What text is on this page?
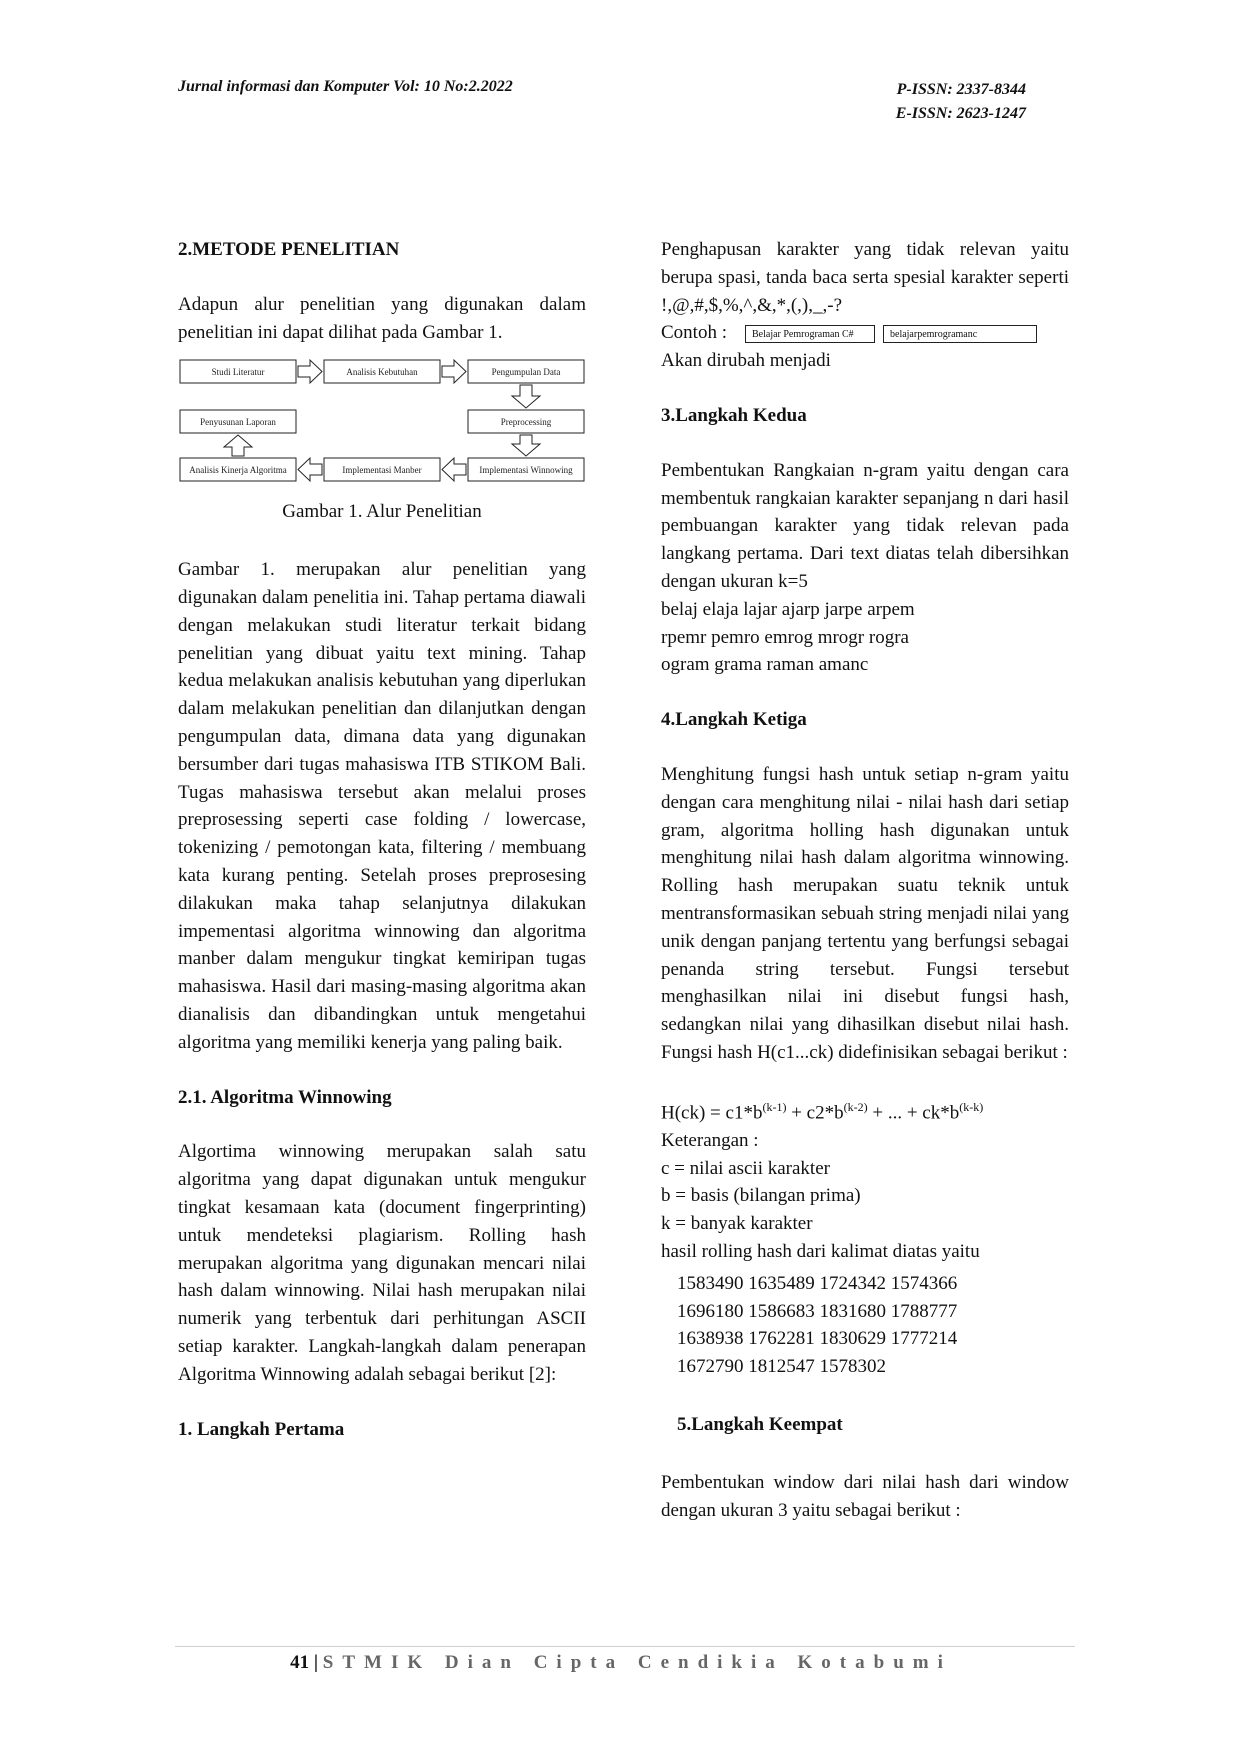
Jurnal informasi dan Komputer Vol: 10 No:2.2022	P-ISSN: 2337-8344
E-ISSN: 2623-1247

2.METODE PENELITIAN

Adapun alur penelitian yang digunakan dalam penelitian ini dapat dilihat pada Gambar 1.

Studi Literatur	Analisis Kebutuhan	Pengumpulan Data
Penyusunan Laporan	Preprocessing
Analisis Kinerja Algoritma	Implementasi Manber	Implementasi Winnowing

Gambar 1. Alur Penelitian

Gambar 1. merupakan alur penelitian yang digunakan dalam penelitia ini. Tahap pertama diawali dengan melakukan studi literatur terkait bidang penelitian yang dibuat yaitu text mining. Tahap kedua melakukan analisis kebutuhan yang diperlukan dalam melakukan penelitian dan dilanjutkan dengan pengumpulan data, dimana data yang digunakan bersumber dari tugas mahasiswa ITB STIKOM Bali. Tugas mahasiswa tersebut akan melalui proses preprosessing seperti case folding / lowercase, tokenizing / pemotongan kata, filtering / membuang kata kurang penting. Setelah proses preprosesing dilakukan maka tahap selanjutnya dilakukan impementasi algoritma winnowing dan algoritma manber dalam mengukur tingkat kemiripan tugas mahasiswa. Hasil dari masing-masing algoritma akan dianalisis dan dibandingkan untuk mengetahui algoritma yang memiliki kenerja yang paling baik.

2.1. Algoritma Winnowing

Algortima winnowing merupakan salah satu algoritma yang dapat digunakan untuk mengukur tingkat kesamaan kata (document fingerprinting) untuk mendeteksi plagiarism. Rolling hash merupakan algoritma yang digunakan mencari nilai hash dalam winnowing. Nilai hash merupakan nilai numerik yang terbentuk dari perhitungan ASCII setiap karakter. Langkah-langkah dalam penerapan Algoritma Winnowing adalah sebagai berikut [2]:

1. Langkah Pertama

Penghapusan karakter yang tidak relevan yaitu berupa spasi, tanda baca serta spesial karakter seperti !,@,#,$,%,^,&,*,(,),_,-?

Contoh :	Belajar Pemrograman C#	belajarpemrogramanc

Akan dirubah menjadi

3.Langkah Kedua

Pembentukan Rangkaian n-gram yaitu dengan cara membentuk rangkaian karakter sepanjang n dari hasil pembuangan karakter yang tidak relevan pada langkang pertama. Dari text diatas telah dibersihkan dengan ukuran k=5

belaj elaja lajar ajarp jarpe arpem

rpemr pemro emrog mrogr rogra

ogram grama raman amanc

4.Langkah Ketiga

Menghitung fungsi hash untuk setiap n-gram yaitu dengan cara menghitung nilai - nilai hash dari setiap gram, algoritma holling hash digunakan untuk menghitung nilai hash dalam algoritma winnowing. Rolling hash merupakan suatu teknik untuk mentransformasikan sebuah string menjadi nilai yang unik dengan panjang tertentu yang berfungsi sebagai penanda string tersebut. Fungsi tersebut menghasilkan nilai ini disebut fungsi hash, sedangkan nilai yang dihasilkan disebut nilai hash. Fungsi hash H(c1...ck) didefinisikan sebagai berikut :

$H(ck) = c1*b^{(k-1)} + c2*b^{(k-2)}$ + ... + $ck*b^{(k-k)}$

Keterangan :

c = nilai ascii karakter

b = basis (bilangan prima)

k = banyak karakter

hasil rolling hash dari kalimat diatas yaitu

1583490 1635489 1724342 1574366

1696180 1586683 1831680 1788777

1638938 1762281 1830629 1777214

1672790 1812547 1578302

5.Langkah Keempat

Pembentukan window dari nilai hash dari window dengan ukuran 3 yaitu sebagai berikut :

41 | STMIK Dian Cipta Cendikia Kotabumi
